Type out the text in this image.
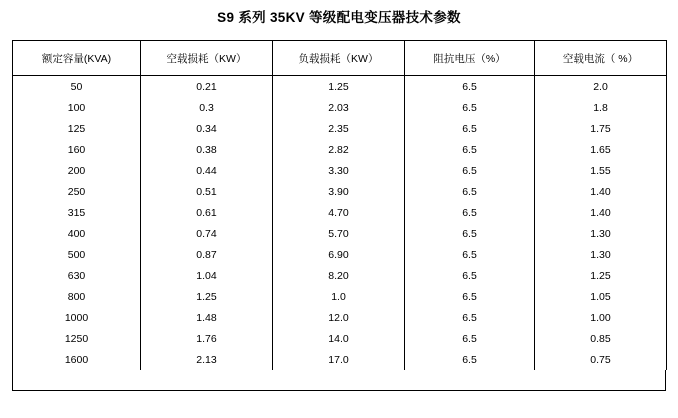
S9 系列 35KV 等级配电变压器技术参数
额定容量(KVA)	空载损耗（KW）	负载损耗（KW）	阻抗电压（%）	空载电流（ %）
50	0.21	1.25	6.5	2.0
100	0.3	2.03	6.5	1.8
125	0.34	2.35	6.5	1.75
160	0.38	2.82	6.5	1.65
200	0.44	3.30	6.5	1.55
250	0.51	3.90	6.5	1.40
315	0.61	4.70	6.5	1.40
400	0.74	5.70	6.5	1.30
500	0.87	6.90	6.5	1.30
630	1.04	8.20	6.5	1.25
800	1.25	1.0	6.5	1.05
1000	1.48	12.0	6.5	1.00
1250	1.76	14.0	6.5	0.85
1600	2.13	17.0	6.5	0.75
